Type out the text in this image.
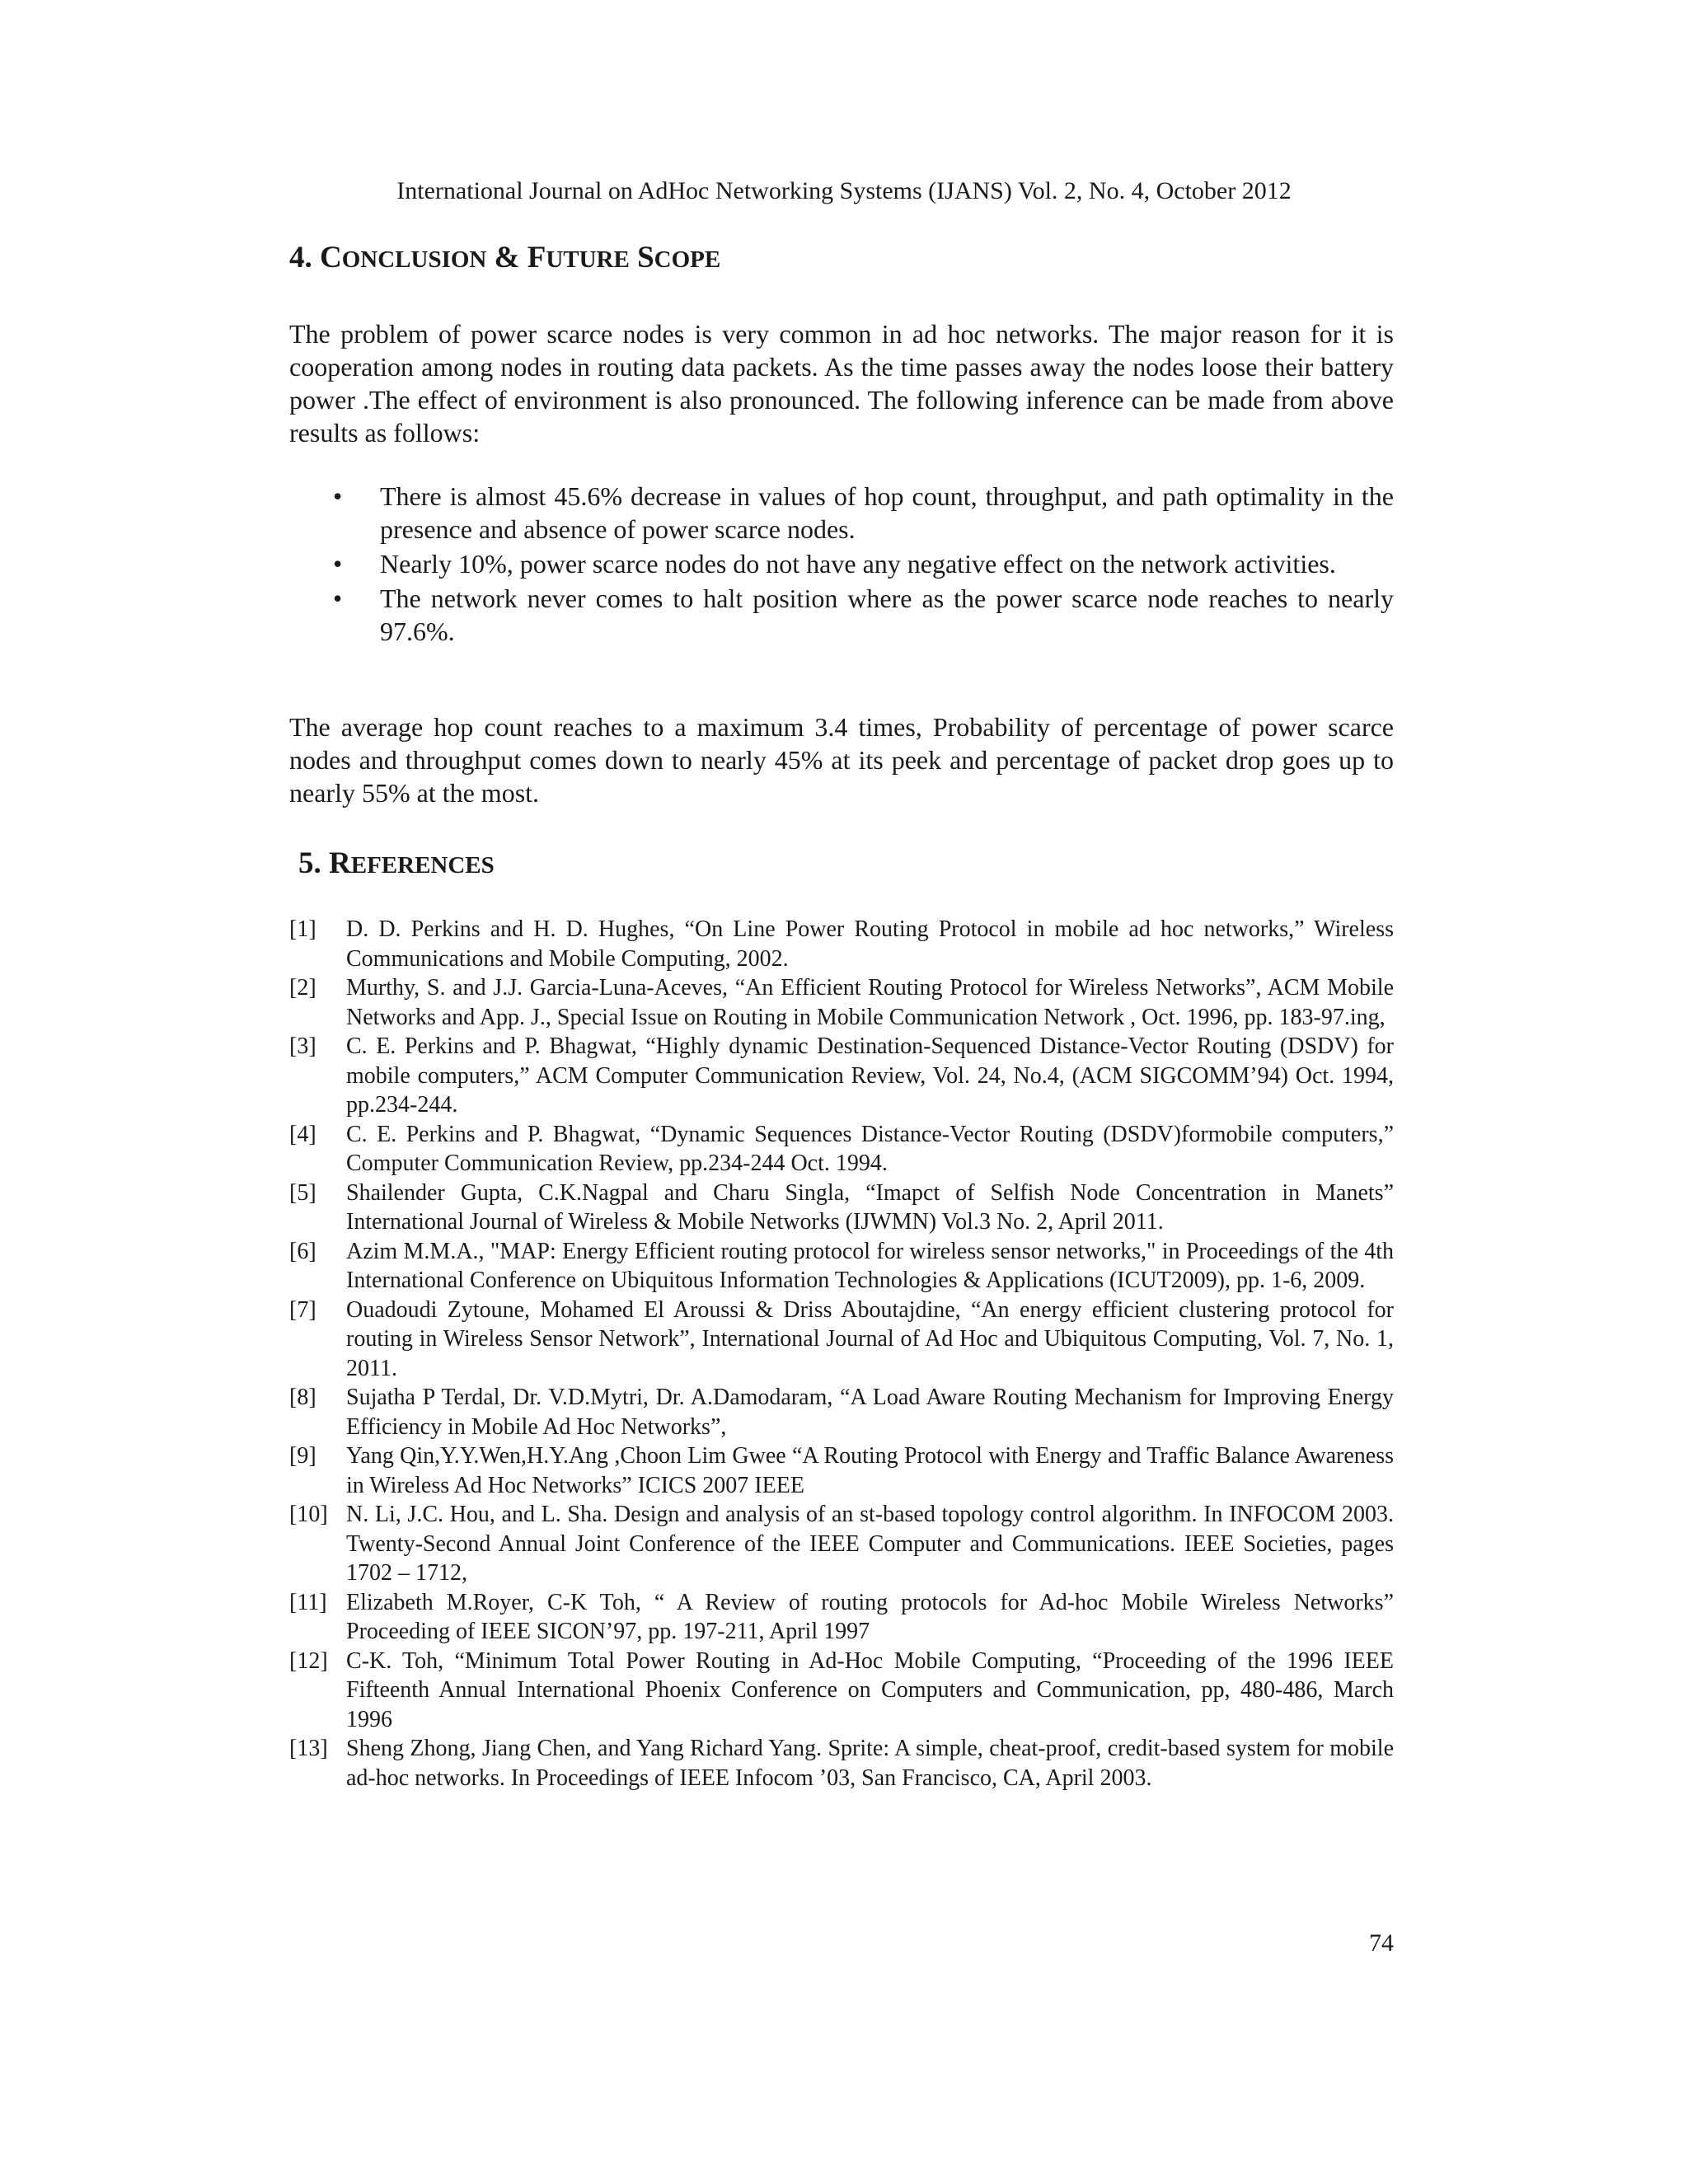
International Journal on AdHoc Networking Systems (IJANS) Vol. 2, No. 4, October 2012
4. CONCLUSION & FUTURE SCOPE

The problem of power scarce nodes is very common in ad hoc networks. The major reason for it is cooperation among nodes in routing data packets. As the time passes away the nodes loose their battery power .The effect of environment is also pronounced. The following inference can be made from above results as follows:

• There is almost 45.6% decrease in values of hop count, throughput, and path optimality in the presence and absence of power scarce nodes.
• Nearly 10%, power scarce nodes do not have any negative effect on the network activities.
• The network never comes to halt position where as the power scarce node reaches to nearly 97.6%.

The average hop count reaches to a maximum 3.4 times, Probability of percentage of power scarce nodes and throughput comes down to nearly 45% at its peek and percentage of packet drop goes up to nearly 55% at the most.

5. REFERENCES
[1] D. D. Perkins and H. D. Hughes, “On Line Power Routing Protocol in mobile ad hoc networks,” Wireless Communications and Mobile Computing, 2002.
[2] Murthy, S. and J.J. Garcia-Luna-Aceves, “An Efficient Routing Protocol for Wireless Networks”, ACM Mobile Networks and App. J., Special Issue on Routing in Mobile Communication Network , Oct. 1996, pp. 183-97.ing,
[3] C. E. Perkins and P. Bhagwat, “Highly dynamic Destination-Sequenced Distance-Vector Routing (DSDV) for mobile computers,” ACM Computer Communication Review, Vol. 24, No.4, (ACM SIGCOMM’94) Oct. 1994, pp.234-244.
[4] C. E. Perkins and P. Bhagwat, “Dynamic Sequences Distance-Vector Routing (DSDV)formobile computers,” Computer Communication Review, pp.234-244 Oct. 1994.
[5] Shailender Gupta, C.K.Nagpal and Charu Singla, “Imapct of Selfish Node Concentration in Manets” International Journal of Wireless & Mobile Networks (IJWMN) Vol.3 No. 2, April 2011.
[6] Azim M.M.A., "MAP: Energy Efficient routing protocol for wireless sensor networks," in Proceedings of the 4th International Conference on Ubiquitous Information Technologies & Applications (ICUT2009), pp. 1-6, 2009.
[7] Ouadoudi Zytoune, Mohamed El Aroussi & Driss Aboutajdine, “An energy efficient clustering protocol for routing in Wireless Sensor Network”, International Journal of Ad Hoc and Ubiquitous Computing, Vol. 7, No. 1, 2011.
[8] Sujatha P Terdal, Dr. V.D.Mytri, Dr. A.Damodaram, “A Load Aware Routing Mechanism for Improving Energy Efficiency in Mobile Ad Hoc Networks”,
[9] Yang Qin,Y.Y.Wen,H.Y.Ang ,Choon Lim Gwee “A Routing Protocol with Energy and Traffic Balance Awareness in Wireless Ad Hoc Networks” ICICS 2007 IEEE
[10] N. Li, J.C. Hou, and L. Sha. Design and analysis of an st-based topology control algorithm. In INFOCOM 2003. Twenty-Second Annual Joint Conference of the IEEE Computer and Communications. IEEE Societies, pages 1702 – 1712,
[11] Elizabeth M.Royer, C-K Toh, “ A Review of routing protocols for Ad-hoc Mobile Wireless Networks” Proceeding of IEEE SICON’97, pp. 197-211, April 1997
[12] C-K. Toh, “Minimum Total Power Routing in Ad-Hoc Mobile Computing, “Proceeding of the 1996 IEEE Fifteenth Annual International Phoenix Conference on Computers and Communication, pp, 480-486, March 1996
[13] Sheng Zhong, Jiang Chen, and Yang Richard Yang. Sprite: A simple, cheat-proof, credit-based system for mobile ad-hoc networks. In Proceedings of IEEE Infocom ’03, San Francisco, CA, April 2003.
74
